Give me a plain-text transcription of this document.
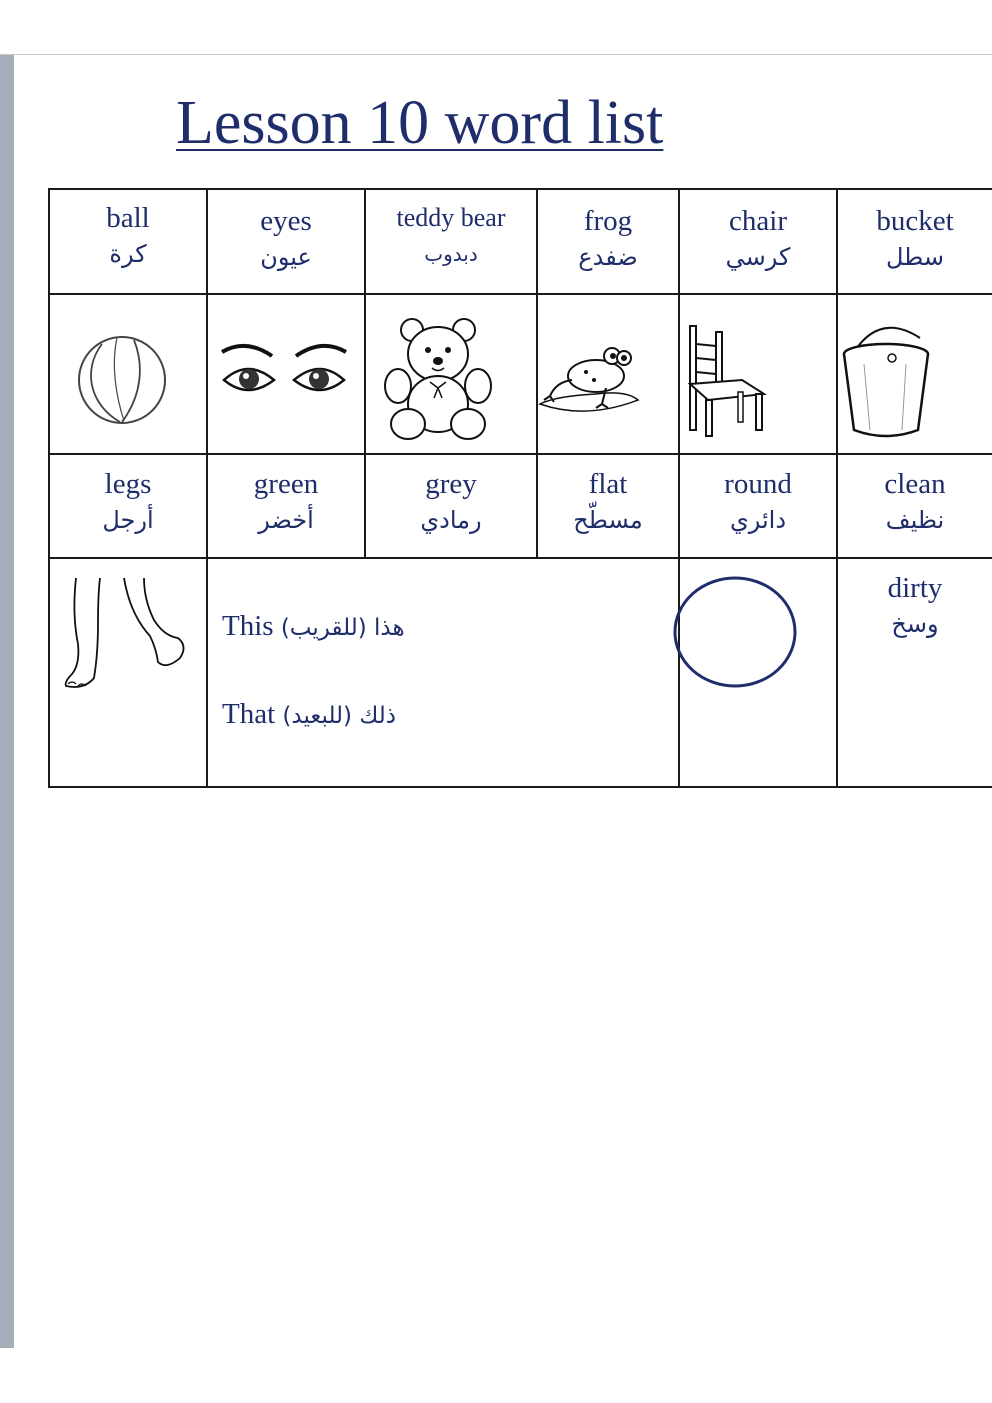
Lesson 10 word list
ball
كرة
eyes
عيون
teddy bear
دبدوب
frog
ضفدع
chair
كرسي
bucket
سطل
legs
أرجل
green
أخضر
grey
رمادي
flat
مسطّح
round
دائري
clean
نظيف
This (هذا (للقريب
That (ذلك (للبعيد
dirty
وسخ
